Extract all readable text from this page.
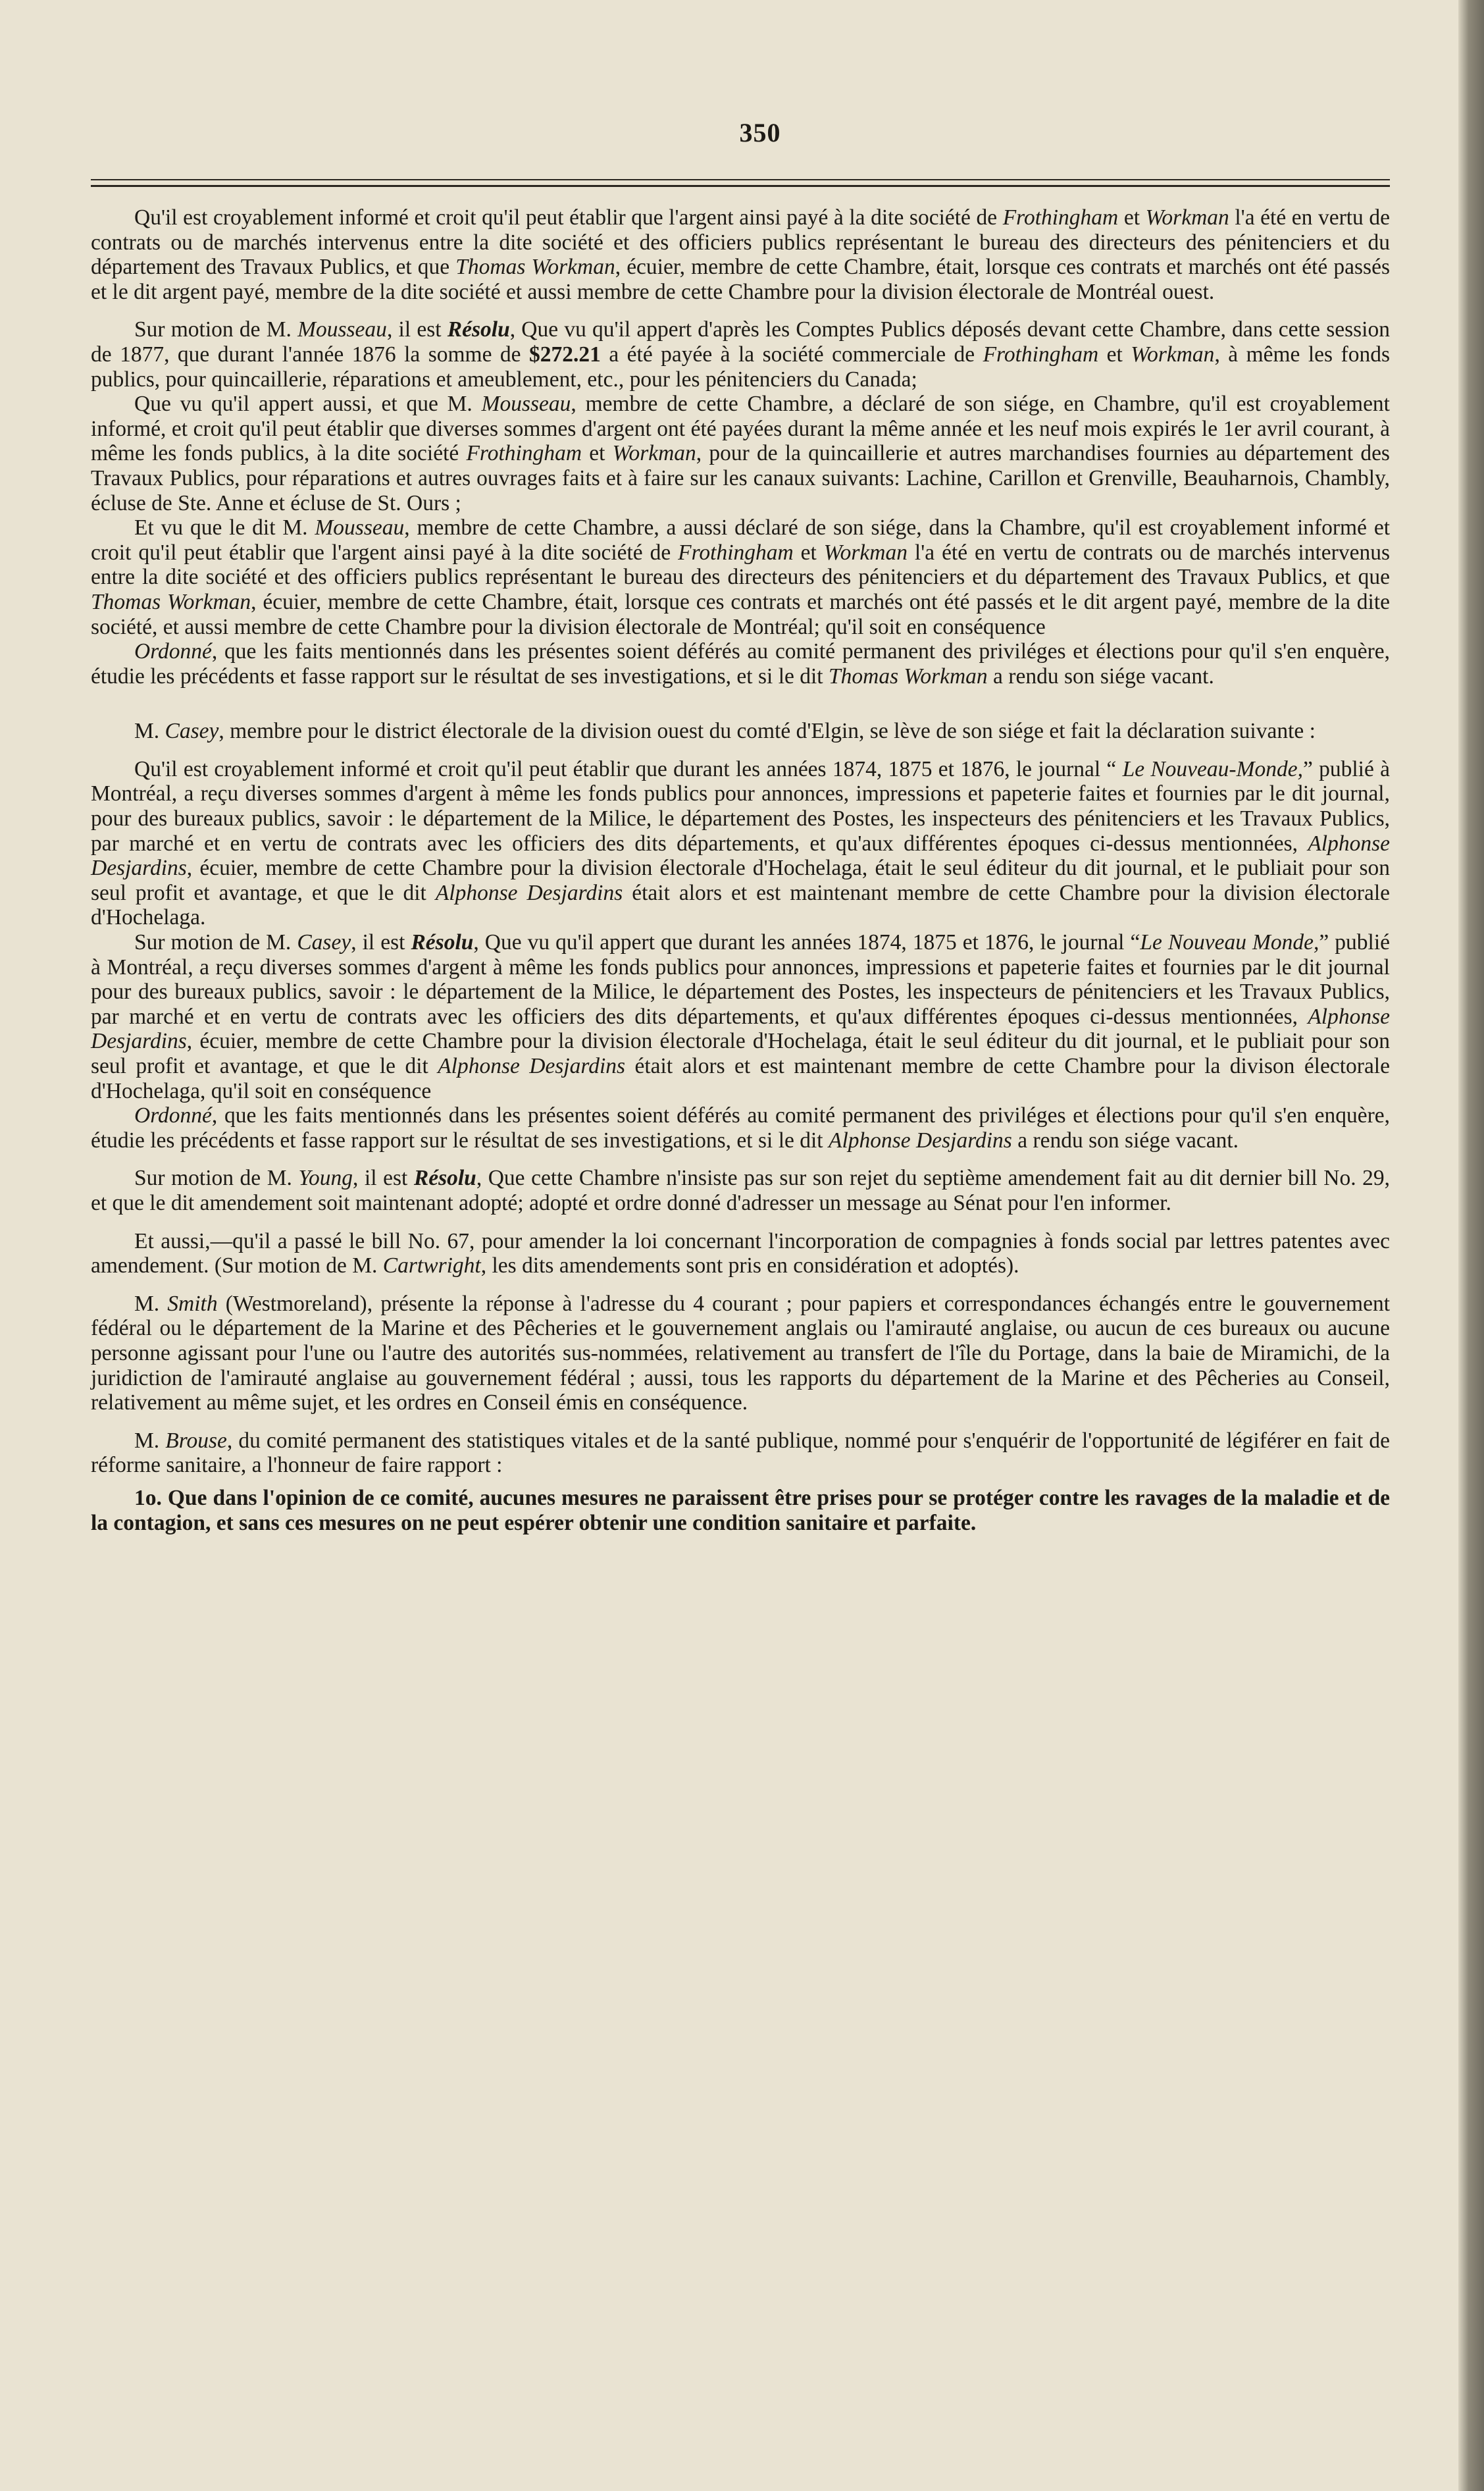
350

Qu'il est croyablement informé et croit qu'il peut établir que l'argent ainsi payé à la dite société de Frothingham et Workman l'a été en vertu de contrats ou de marchés intervenus entre la dite société et des officiers publics représentant le bureau des directeurs des pénitenciers et du département des Travaux Publics, et que Thomas Workman, écuier, membre de cette Chambre, était, lorsque ces contrats et marchés ont été passés et le dit argent payé, membre de la dite société et aussi membre de cette Chambre pour la division électorale de Montréal ouest.

Sur motion de M. Mousseau, il est Résolu, Que vu qu'il appert d'après les Comptes Publics déposés devant cette Chambre, dans cette session de 1877, que durant l'année 1876 la somme de $272.21 a été payée à la société commerciale de Frothingham et Workman, à même les fonds publics, pour quincaillerie, réparations et ameublement, etc., pour les pénitenciers du Canada;

Que vu qu'il appert aussi, et que M. Mousseau, membre de cette Chambre, a déclaré de son siége, en Chambre, qu'il est croyablement informé, et croit qu'il peut établir que diverses sommes d'argent ont été payées durant la même année et les neuf mois expirés le 1er avril courant, à même les fonds publics, à la dite société Frothingham et Workman, pour de la quincaillerie et autres marchandises fournies au département des Travaux Publics, pour réparations et autres ouvrages faits et à faire sur les canaux suivants: Lachine, Carillon et Grenville, Beauharnois, Chambly, écluse de Ste. Anne et écluse de St. Ours ;

Et vu que le dit M. Mousseau, membre de cette Chambre, a aussi déclaré de son siége, dans la Chambre, qu'il est croyablement informé et croit qu'il peut établir que l'argent ainsi payé à la dite société de Frothingham et Workman l'a été en vertu de contrats ou de marchés intervenus entre la dite société et des officiers publics représentant le bureau des directeurs des pénitenciers et du département des Travaux Publics, et que Thomas Workman, écuier, membre de cette Chambre, était, lorsque ces contrats et marchés ont été passés et le dit argent payé, membre de la dite société, et aussi membre de cette Chambre pour la division électorale de Montréal; qu'il soit en conséquence

Ordonné, que les faits mentionnés dans les présentes soient déférés au comité permanent des priviléges et élections pour qu'il s'en enquère, étudie les précédents et fasse rapport sur le résultat de ses investigations, et si le dit Thomas Workman a rendu son siége vacant.

M. Casey, membre pour le district électorale de la division ouest du comté d'Elgin, se lève de son siége et fait la déclaration suivante :

Qu'il est croyablement informé et croit qu'il peut établir que durant les années 1874, 1875 et 1876, le journal “ Le Nouveau-Monde,” publié à Montréal, a reçu diverses sommes d'argent à même les fonds publics pour annonces, impressions et papeterie faites et fournies par le dit journal, pour des bureaux publics, savoir : le département de la Milice, le département des Postes, les inspecteurs des pénitenciers et les Travaux Publics, par marché et en vertu de contrats avec les officiers des dits départements, et qu'aux différentes époques ci-dessus mentionnées, Alphonse Desjardins, écuier, membre de cette Chambre pour la division électorale d'Hochelaga, était le seul éditeur du dit journal, et le publiait pour son seul profit et avantage, et que le dit Alphonse Desjardins était alors et est maintenant membre de cette Chambre pour la division électorale d'Hochelaga.

Sur motion de M. Casey, il est Résolu, Que vu qu'il appert que durant les années 1874, 1875 et 1876, le journal “Le Nouveau Monde,” publié à Montréal, a reçu diverses sommes d'argent à même les fonds publics pour annonces, impressions et papeterie faites et fournies par le dit journal pour des bureaux publics, savoir : le département de la Milice, le département des Postes, les inspecteurs de pénitenciers et les Travaux Publics, par marché et en vertu de contrats avec les officiers des dits départements, et qu'aux différentes époques ci-dessus mentionnées, Alphonse Desjardins, écuier, membre de cette Chambre pour la division électorale d'Hochelaga, était le seul éditeur du dit journal, et le publiait pour son seul profit et avantage, et que le dit Alphonse Desjardins était alors et est maintenant membre de cette Chambre pour la divison électorale d'Hochelaga, qu'il soit en conséquence

Ordonné, que les faits mentionnés dans les présentes soient déférés au comité permanent des priviléges et élections pour qu'il s'en enquère, étudie les précédents et fasse rapport sur le résultat de ses investigations, et si le dit Alphonse Desjardins a rendu son siége vacant.

Sur motion de M. Young, il est Résolu, Que cette Chambre n'insiste pas sur son rejet du septième amendement fait au dit dernier bill No. 29, et que le dit amendement soit maintenant adopté; adopté et ordre donné d'adresser un message au Sénat pour l'en informer.

Et aussi,—qu'il a passé le bill No. 67, pour amender la loi concernant l'incorporation de compagnies à fonds social par lettres patentes avec amendement. (Sur motion de M. Cartwright, les dits amendements sont pris en considération et adoptés).

M. Smith (Westmoreland), présente la réponse à l'adresse du 4 courant ; pour papiers et correspondances échangés entre le gouvernement fédéral ou le département de la Marine et des Pêcheries et le gouvernement anglais ou l'amirauté anglaise, ou aucun de ces bureaux ou aucune personne agissant pour l'une ou l'autre des autorités sus-nommées, relativement au transfert de l'île du Portage, dans la baie de Miramichi, de la juridiction de l'amirauté anglaise au gouvernement fédéral ; aussi, tous les rapports du département de la Marine et des Pêcheries au Conseil, relativement au même sujet, et les ordres en Conseil émis en conséquence.

M. Brouse, du comité permanent des statistiques vitales et de la santé publique, nommé pour s'enquérir de l'opportunité de légiférer en fait de réforme sanitaire, a l'honneur de faire rapport :

1o. Que dans l'opinion de ce comité, aucunes mesures ne paraissent être prises pour se protéger contre les ravages de la maladie et de la contagion, et sans ces mesures on ne peut espérer obtenir une condition sanitaire et parfaite.
